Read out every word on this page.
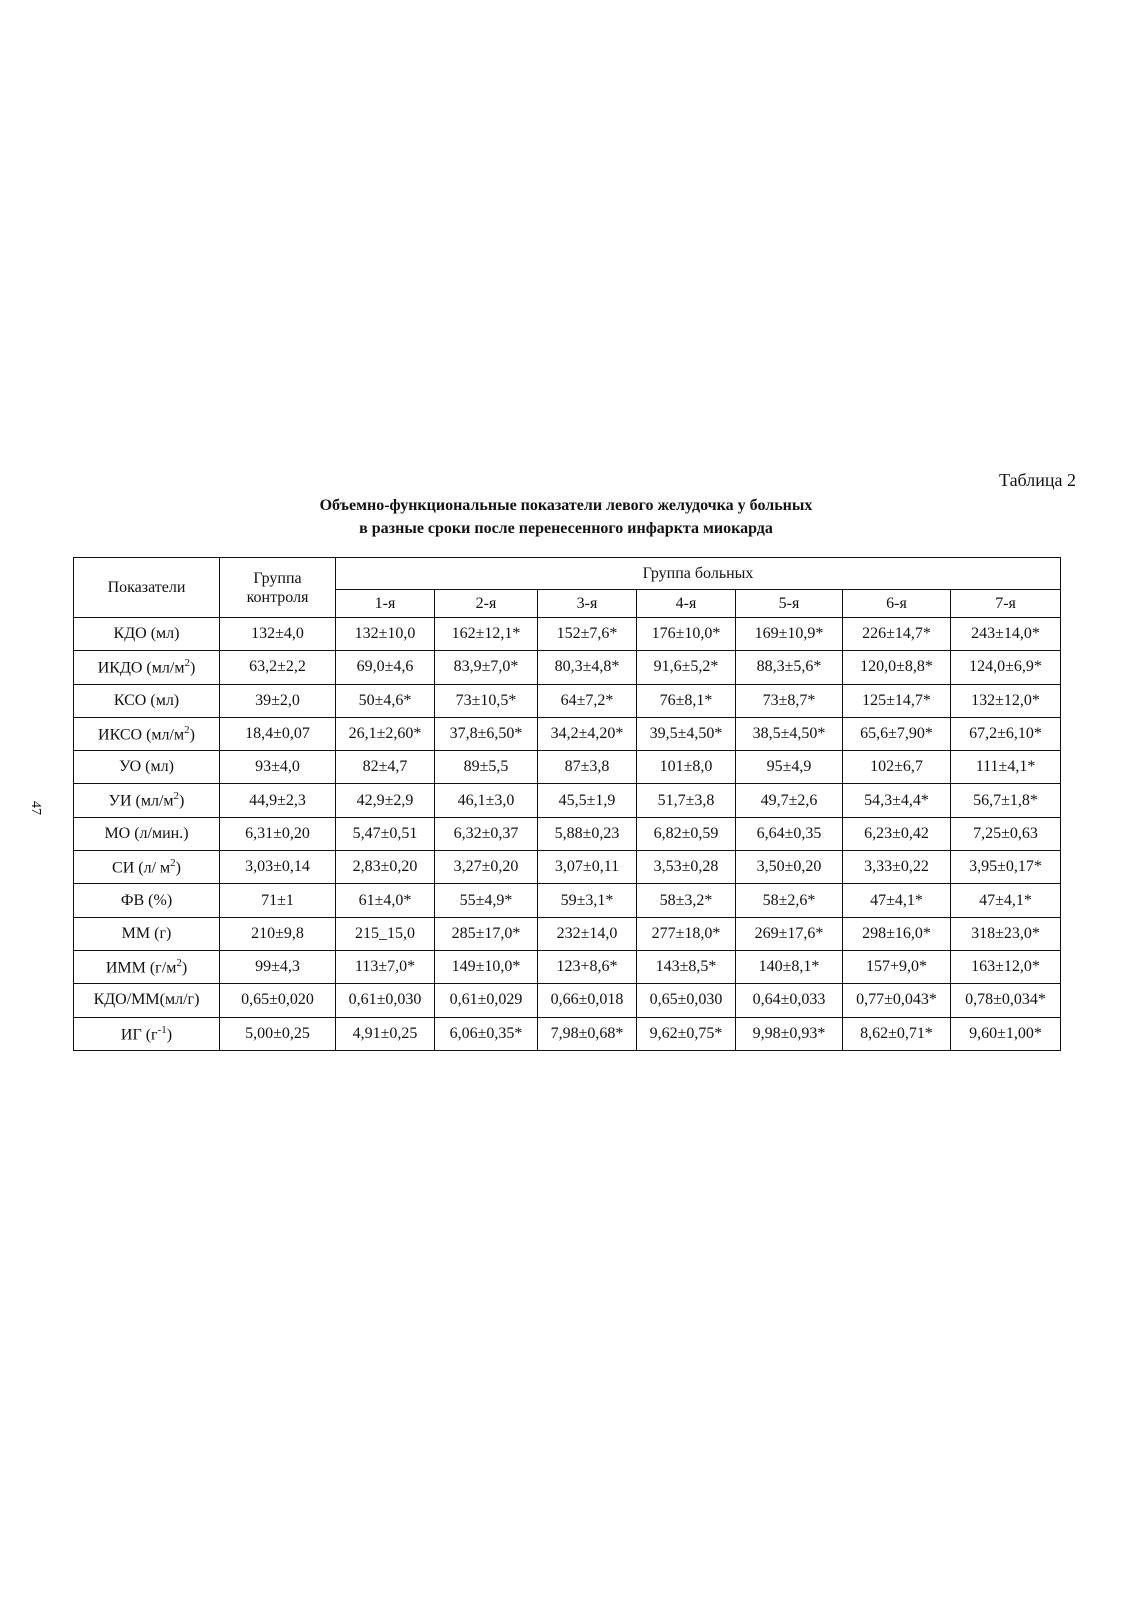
Таблица 2
Объемно-функциональные показатели левого желудочка у больных
в разные сроки после перенесенного инфаркта миокарда
47
Показатели	Группа контроля	Группа больных						
		1-я	2-я	3-я	4-я	5-я	6-я	7-я
КДО (мл)	132±4,0	132±10,0	162±12,1*	152±7,6*	176±10,0*	169±10,9*	226±14,7*	243±14,0*
ИКДО $(мл/м^2)$	63,2±2,2	69,0±4,6	83,9±7,0*	80,3±4,8*	91,6±5,2*	88,3±5,6*	120,0±8,8*	124,0±6,9*
КСО (мл)	39±2,0	50±4,6*	73±10,5*	64±7,2*	76±8,1*	73±8,7*	125±14,7*	132±12,0*
ИКСО $(мл/м^2)$	18,4±0,07	26,1±2,60*	37,8±6,50*	34,2±4,20*	39,5±4,50*	38,5±4,50*	65,6±7,90*	67,2±6,10*
УО (мл)	93±4,0	82±4,7	89±5,5	87±3,8	101±8,0	95±4,9	102±6,7	111±4,1*
УИ $(мл/м^2)$	44,9±2,3	42,9±2,9	46,1±3,0	45,5±1,9	51,7±3,8	49,7±2,6	54,3±4,4*	56,7±1,8*
МО (л/мин.)	6,31±0,20	5,47±0,51	6,32±0,37	5,88±0,23	6,82±0,59	6,64±0,35	6,23±0,42	7,25±0,63
СИ (л/ $м^2$)	3,03±0,14	2,83±0,20	3,27±0,20	3,07±0,11	3,53±0,28	3,50±0,20	3,33±0,22	3,95±0,17*
ФВ (%)	71±1	61±4,0*	55±4,9*	59±3,1*	58±3,2*	58±2,6*	47±4,1*	47±4,1*
ММ (г)	210±9,8	215_15,0	285±17,0*	232±14,0	277±18,0*	269±17,6*	298±16,0*	318±23,0*
ИММ $(г/м^2)$	99±4,3	113±7,0*	149±10,0*	123+8,6*	143±8,5*	140±8,1*	157+9,0*	163±12,0*
КДО/ММ(мл/г)	0,65±0,020	0,61±0,030	0,61±0,029	0,66±0,018	0,65±0,030	0,64±0,033	0,77±0,043*	0,78±0,034*
ИГ $(г^{-1})$	5,00±0,25	4,91±0,25	6,06±0,35*	7,98±0,68*	9,62±0,75*	9,98±0,93*	8,62±0,71*	9,60±1,00*
